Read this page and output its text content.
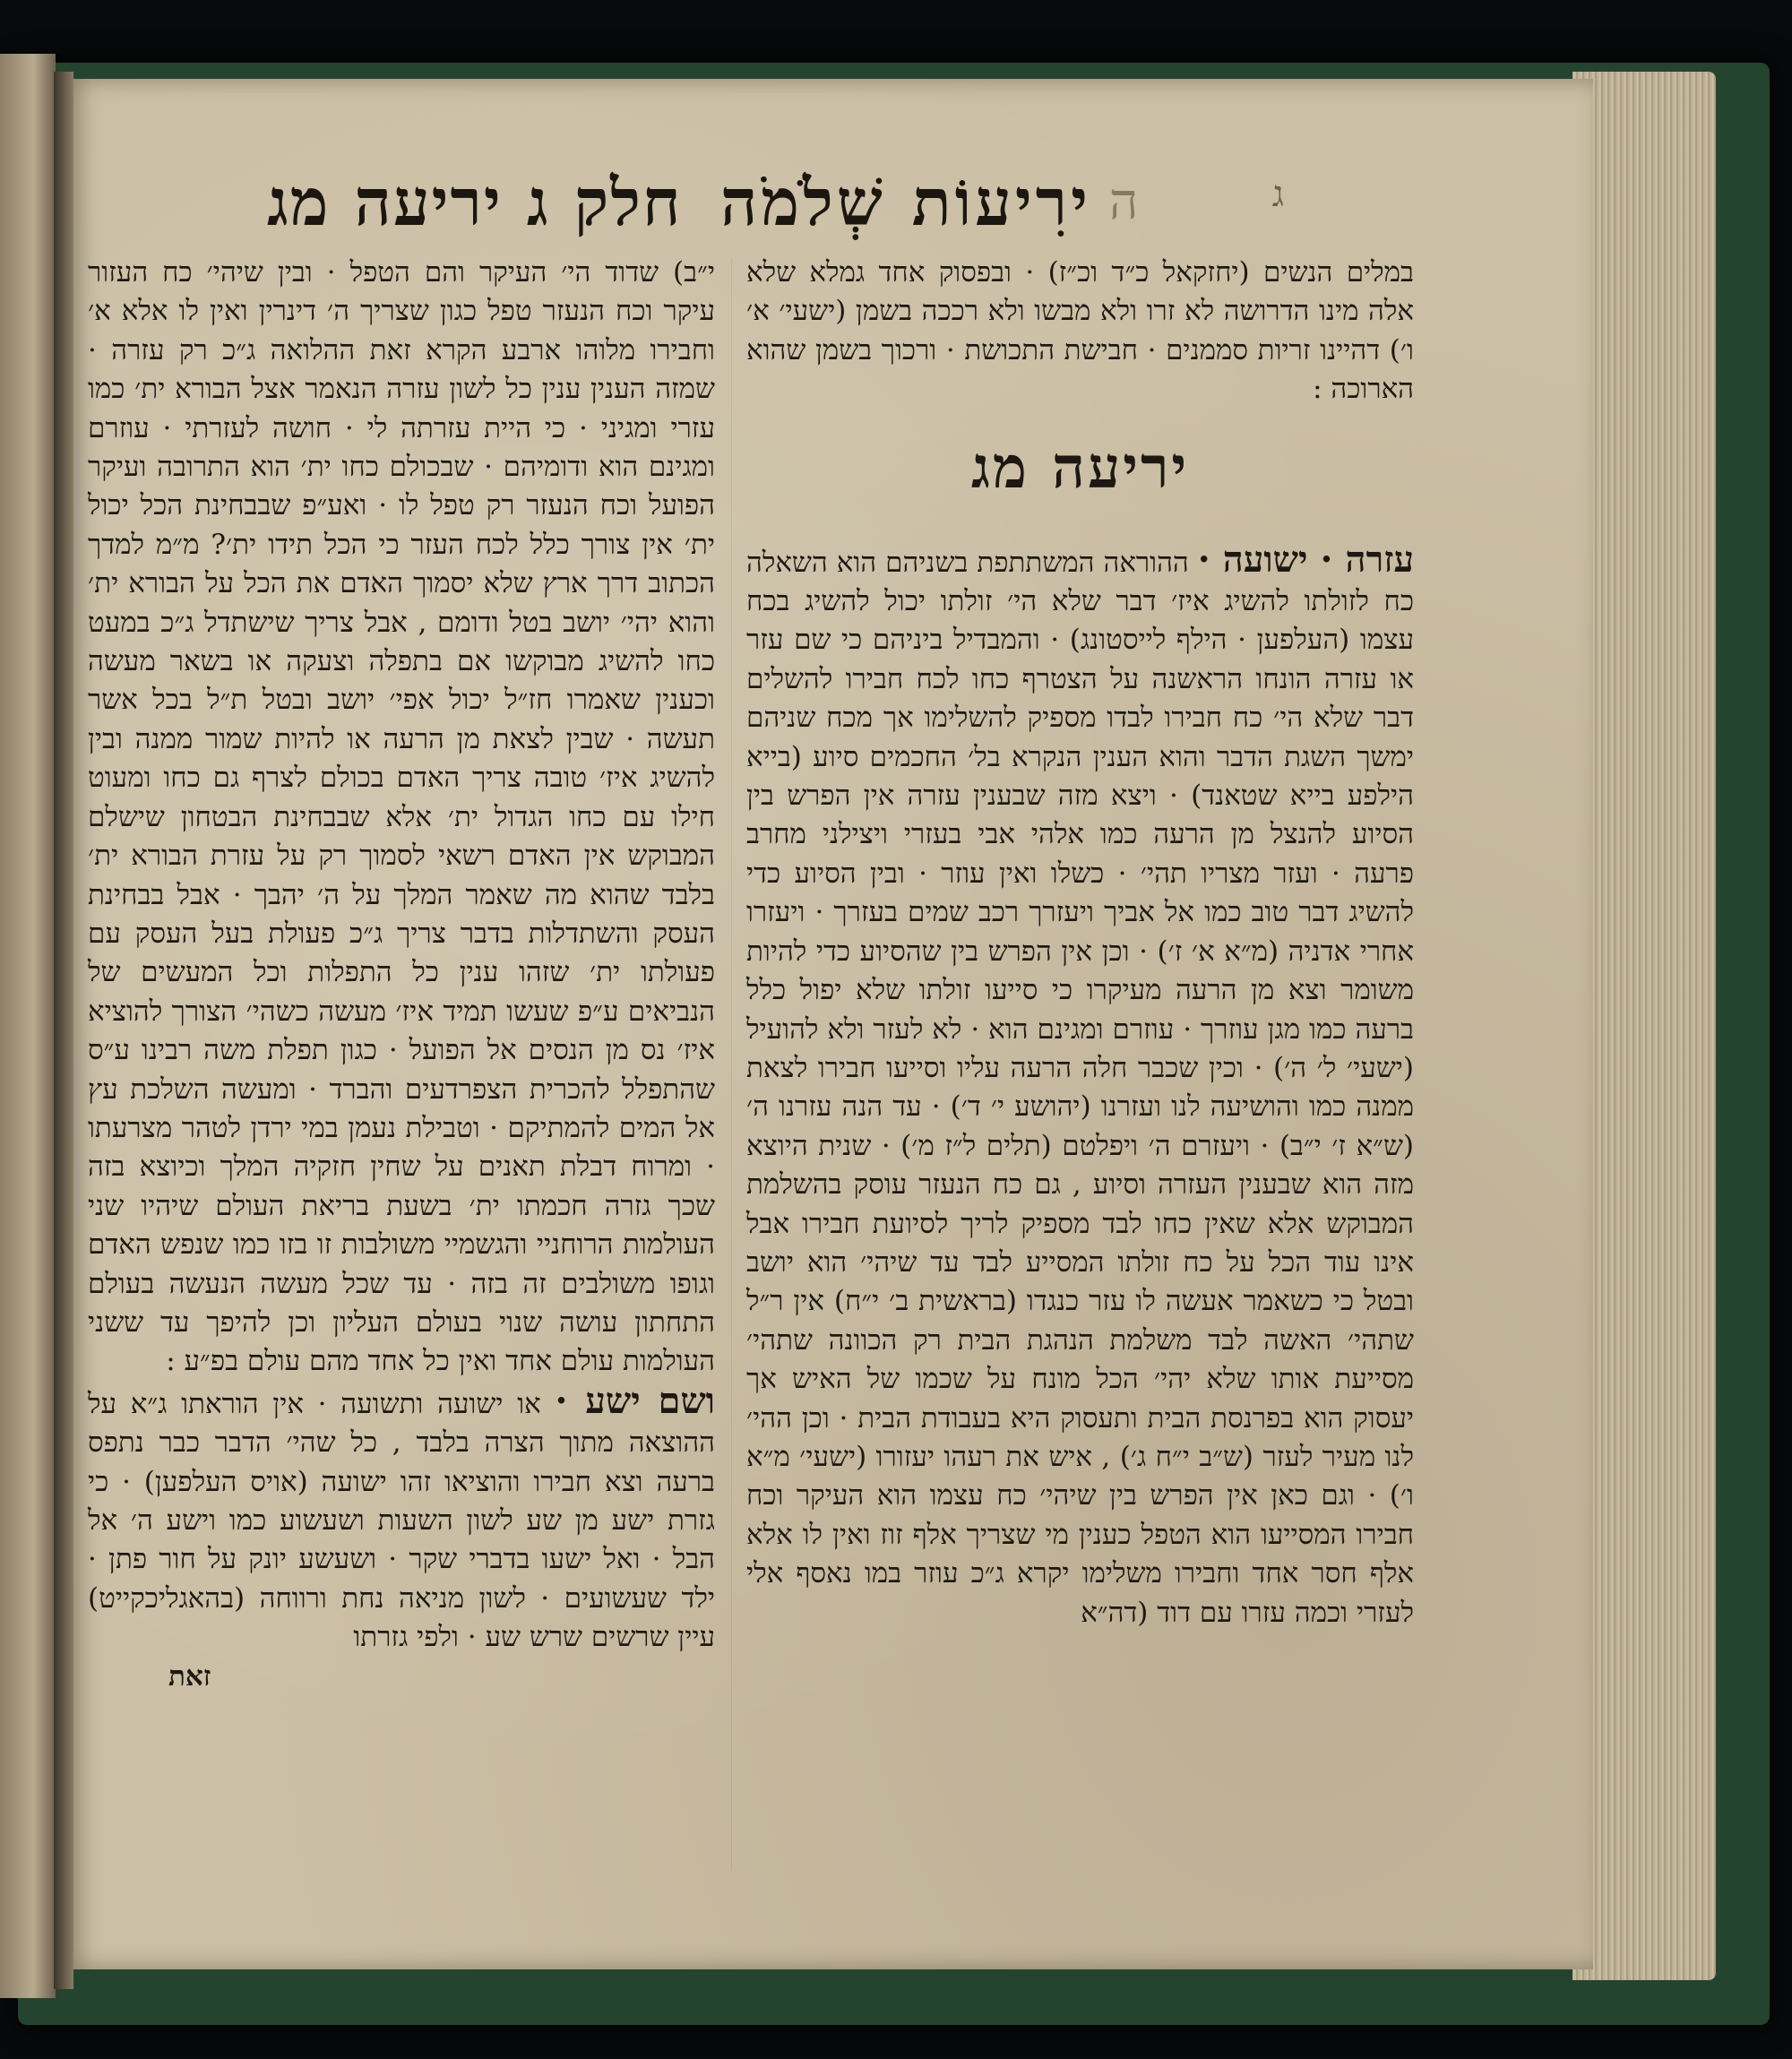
ג
ירִיעוֹת שְׁלֹמֹה ה
חלק ג יריעה מג

במלים הנשים (יחזקאל כ״ד וכ״ז) · ובפסוק אחד גמלא שלא אלה מינו הדרושה לא זרו ולא מבשו ולא רככה בשמן (ישעי׳ א׳ ו׳) דהיינו זריות סממנים · חבישת התכושת · ורכוך בשמן שהוא הארוכה :

יריעה מג

עזרה · ישועה · ההוראה המשתתפת בשניהם הוא השאלה כח לזולתו להשיג איז׳ דבר שלא הי׳ זולתו יכול להשיג בכח עצמו (העלפען · הילף לייסטונג) · והמבדיל ביניהם כי שם עזר או עזרה הונחו הראשנה על הצטרף כחו לכח חבירו להשלים דבר שלא הי׳ כח חבירו לבדו מספיק להשלימו אך מכח שניהם ימשך השגת הדבר והוא הענין הנקרא בל׳ החכמים סיוע (בייא הילפע בייא שטאנד) · ויצא מזה שבענין עזרה אין הפרש בין הסיוע להנצל מן הרעה כמו אלהי אבי בעזרי ויצילני מחרב פרעה · ועזר מצריו תהי׳ · כשלו ואין עוזר · ובין הסיוע כדי להשיג דבר טוב כמו אל אביך ויעזרך רכב שמים בעזרך · ויעזרו אחרי אדניה (מ״א א׳ ז׳) · וכן אין הפרש בין שהסיוע כדי להיות משומר וצא מן הרעה מעיקרו כי סייעו זולתו שלא יפול כלל ברעה כמו מגן עוזרך · עוזרם ומגינם הוא · לא לעזר ולא להועיל (ישעי׳ ל׳ ה׳) · וכין שכבר חלה הרעה עליו וסייעו חבירו לצאת ממנה כמו והושיעה לנו ועזרנו (יהושע י׳ ד׳) · עד הנה עזרנו ה׳ (ש״א ז׳ י״ב) · ויעזרם ה׳ ויפלטם (תלים ל״ז מ׳) · שנית היוצא מזה הוא שבענין העזרה וסיוע , גם כח הנעזר עוסק בהשלמת המבוקש אלא שאין כחו לבד מספיק לריך לסיועת חבירו אבל אינו עוד הכל על כח זולתו המסייע לבד עד שיהי׳ הוא יושב ובטל כי כשאמר אעשה לו עזר כנגדו (בראשית ב׳ י״ח) אין ר״ל שתהי׳ האשה לבד משלמת הנהגת הבית רק הכוונה שתהי׳ מסייעת אותו שלא יהי׳ הכל מונח על שכמו של האיש אך יעסוק הוא בפרנסת הבית ותעסוק היא בעבודת הבית · וכן ההי׳ לנו מעיר לעזר (ש״ב י״ח ג׳) , איש את רעהו יעזורו (ישעי׳ מ״א ו׳) · וגם כאן אין הפרש בין שיהי׳ כח עצמו הוא העיקר וכח חבירו המסייעו הוא הטפל כענין מי שצריך אלף זוז ואין לו אלא אלף חסר אחד וחבירו משלימו יקרא ג״כ עוזר במו נאסף אלי לעזרי וכמה עזרו עם דוד (דה״א

י״ב) שדוד הי׳ העיקר והם הטפל · ובין שיהי׳ כח העזור עיקר וכח הנעזר טפל כגון שצריך ה׳ דינרין ואין לו אלא א׳ וחבירו מלוהו ארבע הקרא זאת ההלואה ג״כ רק עזרה · שמזה הענין ענין כל לשון עזרה הנאמר אצל הבורא ית׳ כמו עזרי ומגיני · כי היית עזרתה לי · חושה לעזרתי · עוזרם ומגינם הוא ודומיהם · שבכולם כחו ית׳ הוא התרובה ועיקר הפועל וכח הנעזר רק טפל לו · ואע״פ שבבחינת הכל יכול ית׳ אין צורך כלל לכח העזר כי הכל תידו ית׳? מ״מ למדך הכתוב דרך ארץ שלא יסמוך האדם את הכל על הבורא ית׳ והוא יהי׳ יושב בטל ודומם , אבל צריך שישתדל ג״כ במעט כחו להשיג מבוקשו אם בתפלה וצעקה או בשאר מעשה וכענין שאמרו חז״ל יכול אפי׳ יושב ובטל ת״ל בכל אשר תעשה · שבין לצאת מן הרעה או להיות שמור ממנה ובין להשיג איז׳ טובה צריך האדם בכולם לצרף גם כחו ומעוט חילו עם כחו הגדול ית׳ אלא שבבחינת הבטחון שישלם המבוקש אין האדם רשאי לסמוך רק על עזרת הבורא ית׳ בלבד שהוא מה שאמר המלך על ה׳ יהבך · אבל בבחינת העסק והשתדלות בדבר צריך ג״כ פעולת בעל העסק עם פעולתו ית׳ שזהו ענין כל התפלות וכל המעשים של הנביאים ע״פ שעשו תמיד איז׳ מעשה כשהי׳ הצורך להוציא איז׳ נס מן הנסים אל הפועל · כגון תפלת משה רבינו ע״ס שהתפלל להכרית הצפרדעים והברד · ומעשה השלכת עץ אל המים להמתיקם · וטבילת נעמן במי ירדן לטהר מצרעתו · ומרוח דבלת תאנים על שחין חזקיה המלך וכיוצא בזה שכך גזרה חכמתו ית׳ בשעת בריאת העולם שיהיו שני העולמות הרוחניי והגשמיי משולבות זו בזו כמו שנפש האדם וגופו משולבים זה בזה · עד שכל מעשה הנעשה בעולם התחתון עושה שנוי בעולם העליון וכן להיפך עד ששני העולמות עולם אחד ואין כל אחד מהם עולם בפ״ע :

ושם ישע · או ישועה ותשועה · אין הוראתו ג״א על ההוצאה מתוך הצרה בלבד , כל שהי׳ הדבר כבר נתפס ברעה וצא חבירו והוציאו זהו ישועה (אויס העלפען) · כי גזרת ישע מן שע לשון השעות ושעשוע כמו וישע ה׳ אל הבל · ואל ישעו בדברי שקר · ושעשע יונק על חור פתן · ילד שעשועים · לשון מניאה נחת ורווחה (בהאגליכקייט) עיין שרשים שרש שע · ולפי גזרתו

זאת
